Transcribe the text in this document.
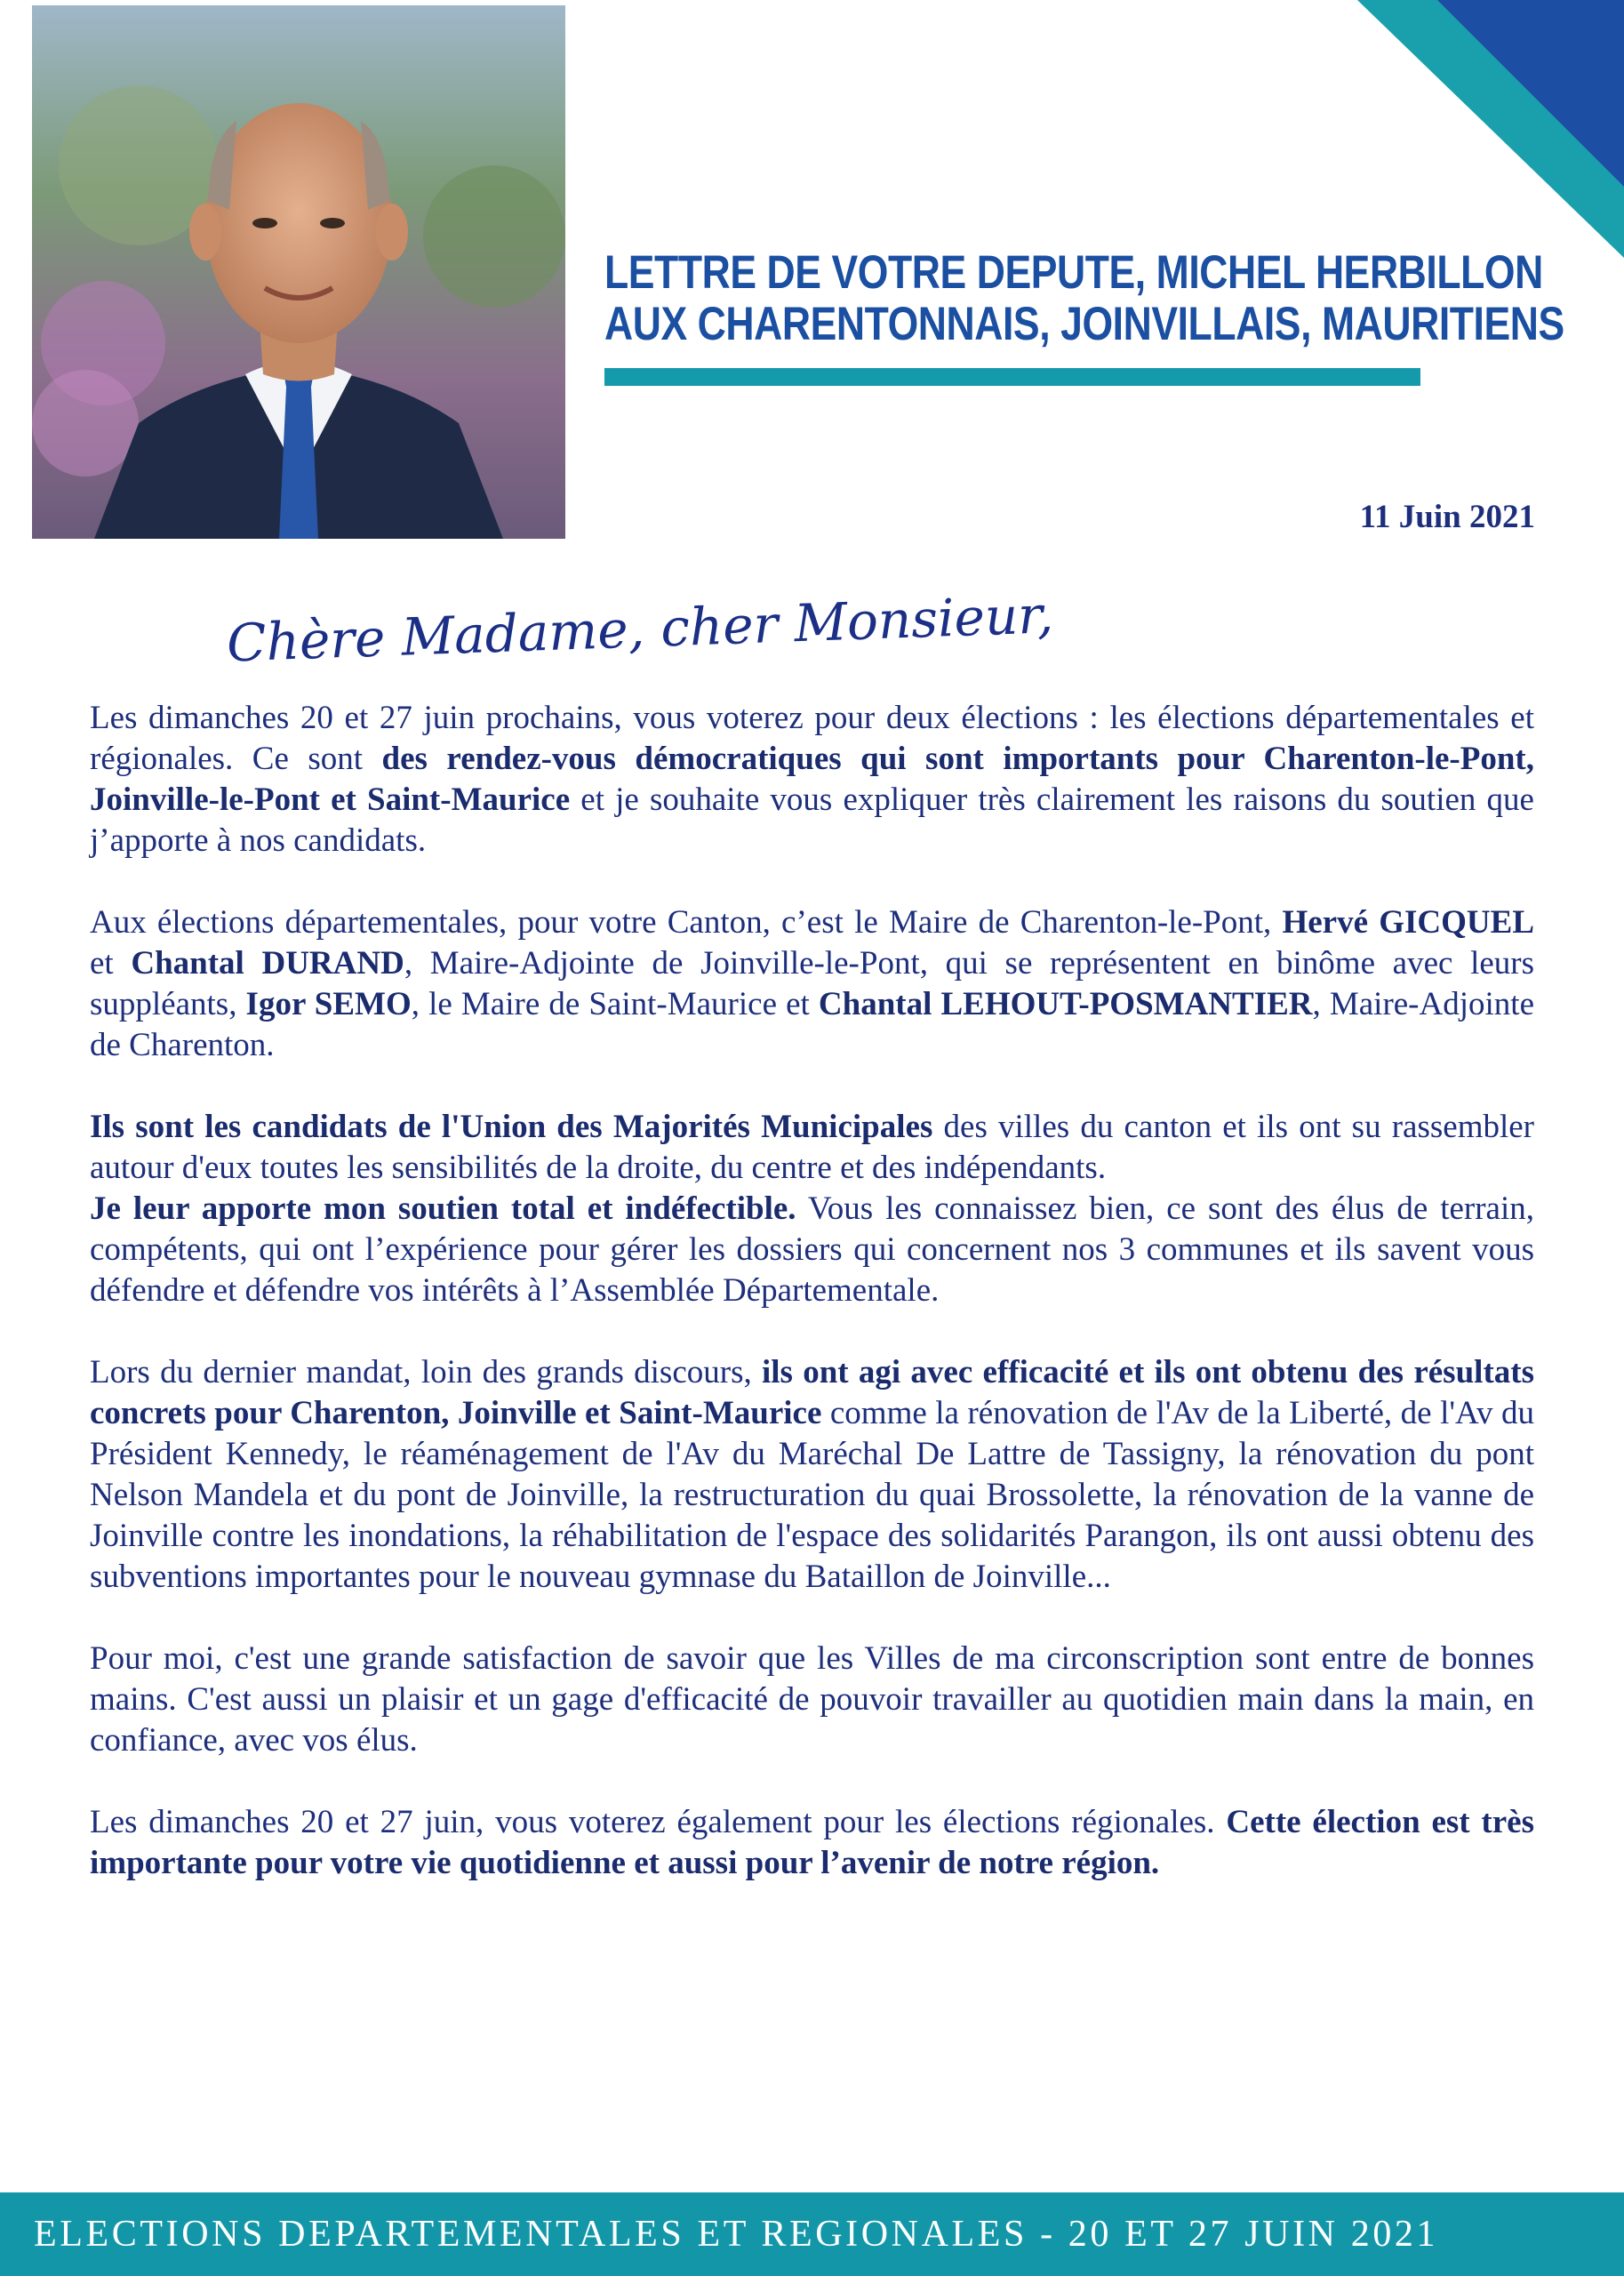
LETTRE DE VOTRE DEPUTE, MICHEL HERBILLON
AUX CHARENTONNAIS, JOINVILLAIS, MAURITIENS
11 Juin 2021
Chère Madame, cher Monsieur,

Les dimanches 20 et 27 juin prochains, vous voterez pour deux élections : les élections départementales et régionales. Ce sont des rendez-vous démocratiques qui sont importants pour Charenton-le-Pont, Joinville-le-Pont et Saint-Maurice et je souhaite vous expliquer très clairement les raisons du soutien que j’apporte à nos candidats.

Aux élections départementales, pour votre Canton, c’est le Maire de Charenton-le-Pont, Hervé GICQUEL et Chantal DURAND, Maire-Adjointe de Joinville-le-Pont, qui se représentent en binôme avec leurs suppléants, Igor SEMO, le Maire de Saint-Maurice et Chantal LEHOUT-POSMANTIER, Maire-Adjointe de Charenton.

Ils sont les candidats de l'Union des Majorités Municipales des villes du canton et ils ont su rassembler autour d'eux toutes les sensibilités de la droite, du centre et des indépendants.

Je leur apporte mon soutien total et indéfectible. Vous les connaissez bien, ce sont des élus de terrain, compétents, qui ont l’expérience pour gérer les dossiers qui concernent nos 3 communes et ils savent vous défendre et défendre vos intérêts à l’Assemblée Départementale.

Lors du dernier mandat, loin des grands discours, ils ont agi avec efficacité et ils ont obtenu des résultats concrets pour Charenton, Joinville et Saint-Maurice comme la rénovation de l'Av de la Liberté, de l'Av du Président Kennedy, le réaménagement de l'Av du Maréchal De Lattre de Tassigny, la rénovation du pont Nelson Mandela et du pont de Joinville, la restructuration du quai Brossolette, la rénovation de la vanne de Joinville contre les inondations, la réhabilitation de l'espace des solidarités Parangon, ils ont aussi obtenu des subventions importantes pour le nouveau gymnase du Bataillon de Joinville...

Pour moi, c'est une grande satisfaction de savoir que les Villes de ma circonscription sont entre de bonnes mains. C'est aussi un plaisir et un gage d'efficacité de pouvoir travailler au quotidien main dans la main, en confiance, avec vos élus.

Les dimanches 20 et 27 juin, vous voterez également pour les élections régionales. Cette élection est très importante pour votre vie quotidienne et aussi pour l’avenir de notre région.

ELECTIONS DEPARTEMENTALES ET REGIONALES - 20 ET 27 JUIN 2021
